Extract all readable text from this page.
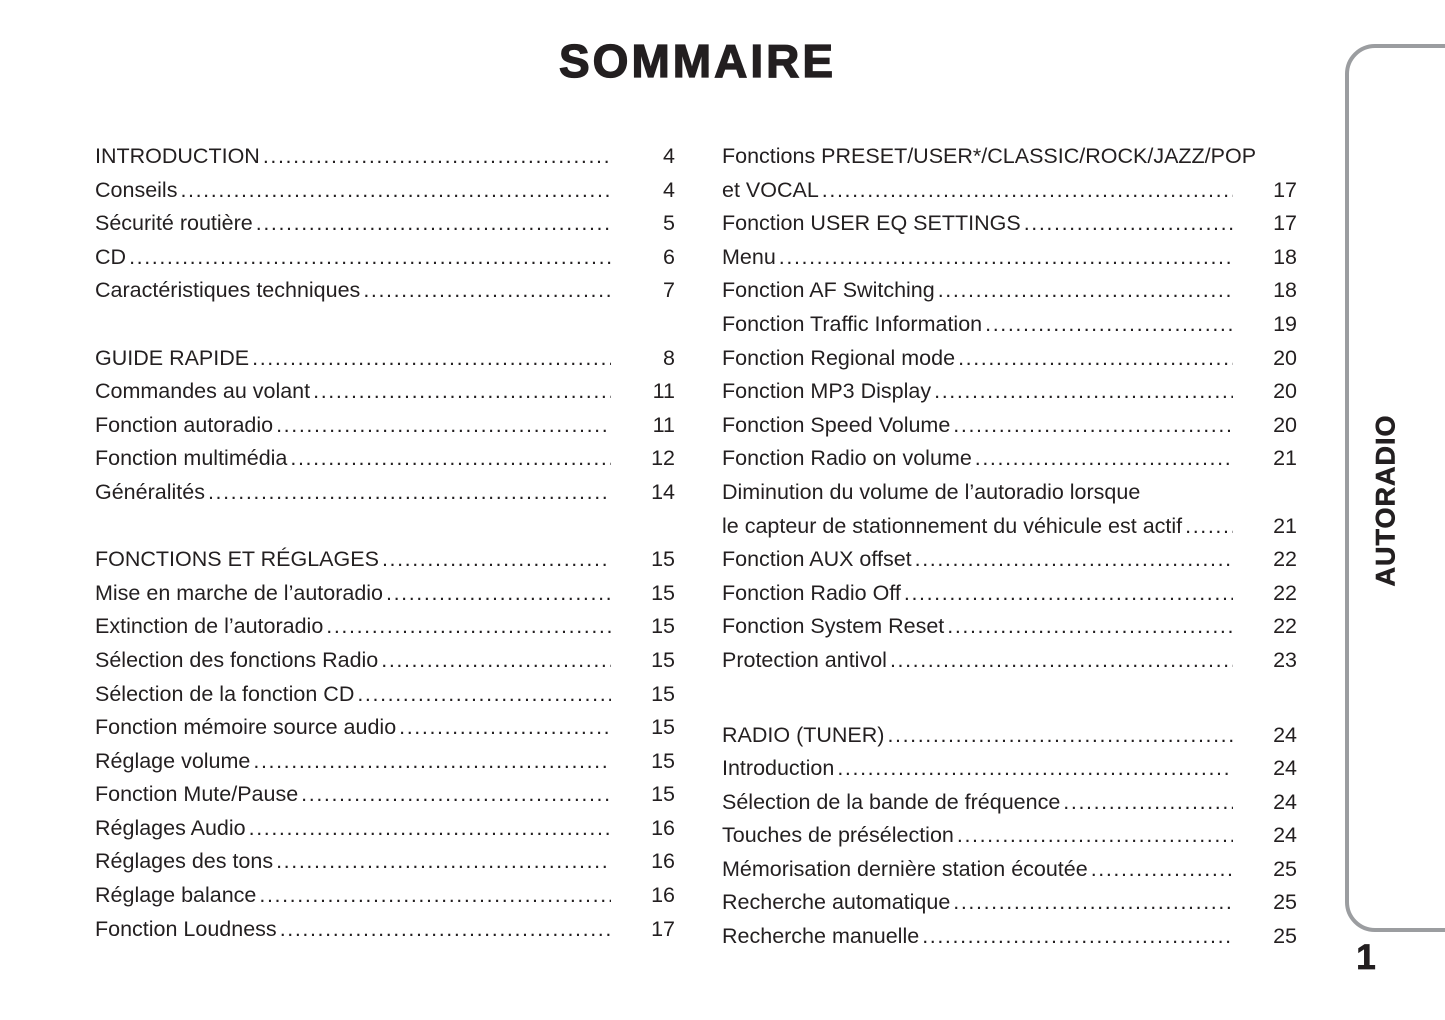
SOMMAIRE
INTRODUCTION .....	4
Conseils .....	4
Sécurité routière .....	5
CD .....	6
Caractéristiques techniques .....	7
GUIDE RAPIDE .....	8
Commandes au volant .....	11
Fonction autoradio .....	11
Fonction multimédia .....	12
Généralités .....	14
FONCTIONS ET RÉGLAGES .....	15
Mise en marche de l’autoradio .....	15
Extinction de l’autoradio .....	15
Sélection des fonctions Radio .....	15
Sélection de la fonction CD .....	15
Fonction mémoire source audio .....	15
Réglage volume .....	15
Fonction Mute/Pause .....	15
Réglages Audio .....	16
Réglages des tons .....	16
Réglage balance .....	16
Fonction Loudness .....	17
Fonctions PRESET/USER*/CLASSIC/ROCK/JAZZ/POP
et VOCAL .....	17
Fonction USER EQ SETTINGS .....	17
Menu .....	18
Fonction AF Switching .....	18
Fonction Traffic Information .....	19
Fonction Regional mode .....	20
Fonction MP3 Display .....	20
Fonction Speed Volume .....	20
Fonction Radio on volume .....	21
Diminution du volume de l’autoradio lorsque
le capteur de stationnement du véhicule est actif .....	21
Fonction AUX offset .....	22
Fonction Radio Off .....	22
Fonction System Reset .....	22
Protection antivol .....	23
RADIO (TUNER) .....	24
Introduction .....	24
Sélection de la bande de fréquence .....	24
Touches de présélection .....	24
Mémorisation dernière station écoutée .....	25
Recherche automatique .....	25
Recherche manuelle .....	25
AUTORADIO
1
